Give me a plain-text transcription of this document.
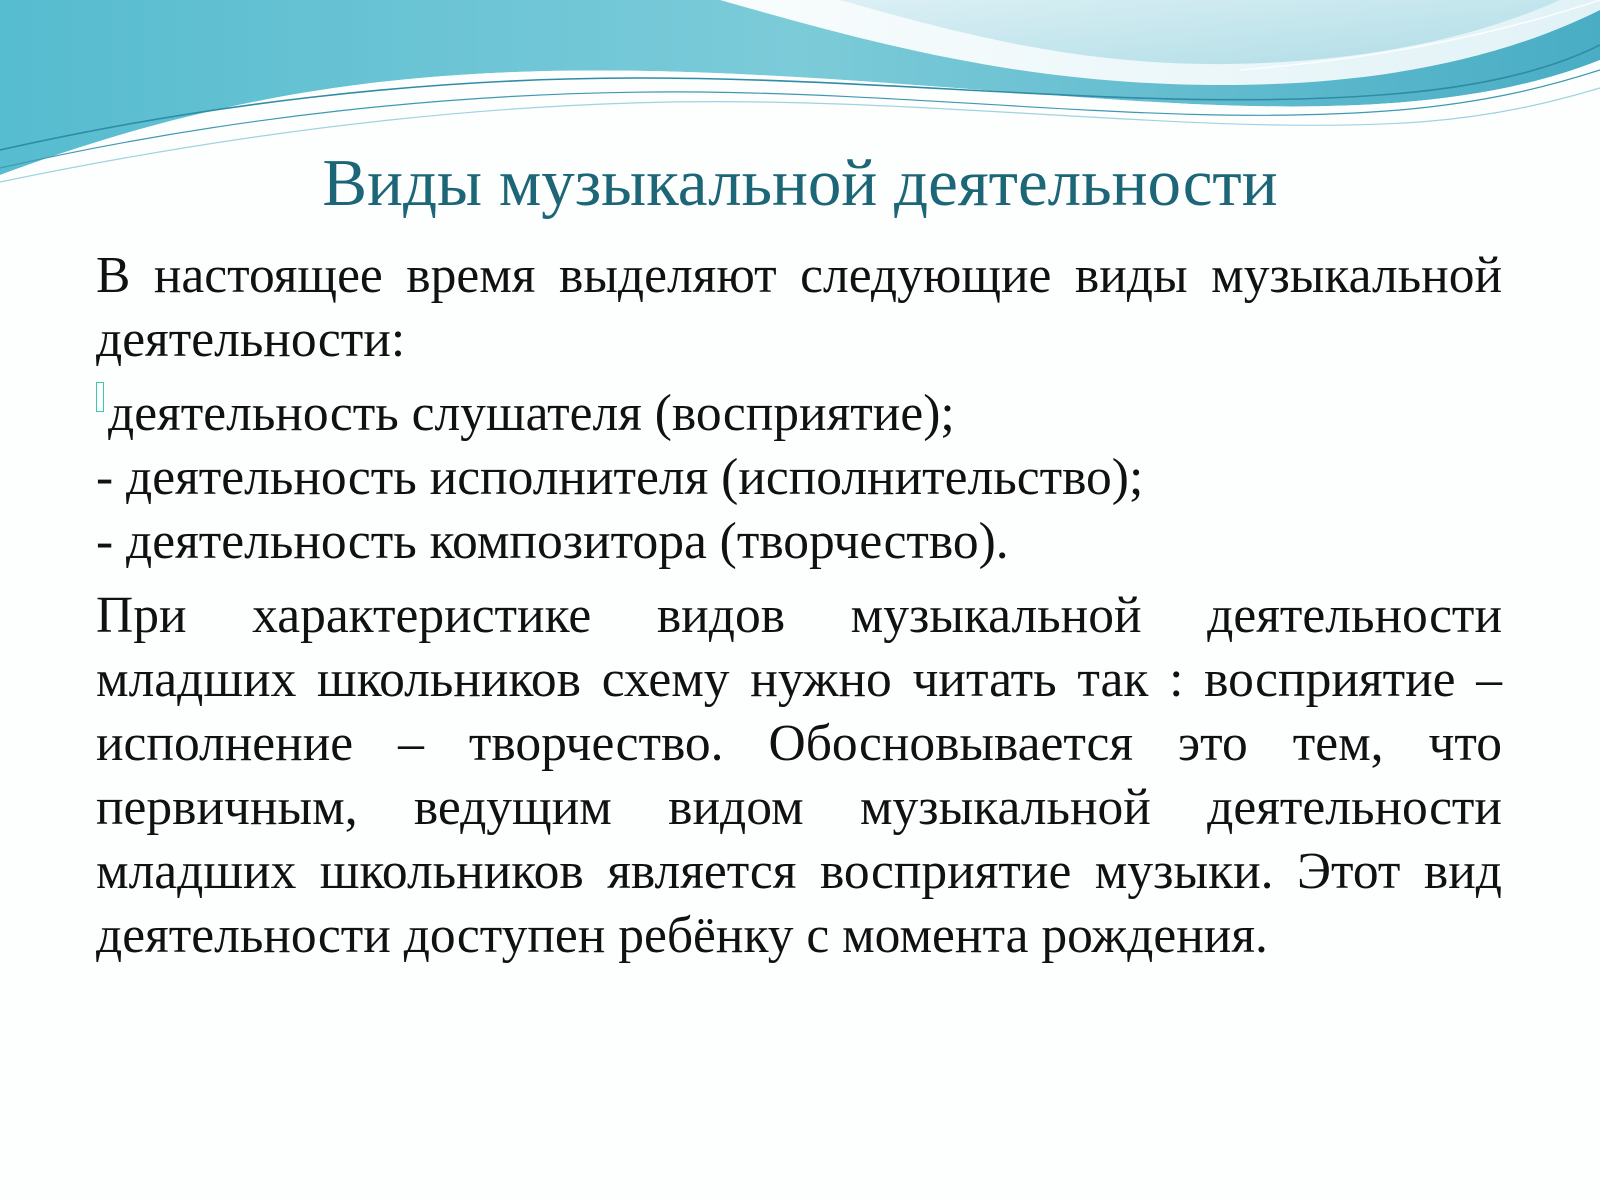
Виды музыкальной деятельности

В настоящее время выделяют следующие виды музыкальной деятельности:

деятельность слушателя (восприятие);
- деятельность исполнителя (исполнительство);
- деятельность композитора (творчество).

При характеристике видов музыкальной деятельности младших школьников схему нужно читать так : восприятие – исполнение – творчество. Обосновывается это тем, что первичным, ведущим видом музыкальной деятельности младших школьников является восприятие музыки. Этот вид деятельности доступен ребёнку с момента рождения.
